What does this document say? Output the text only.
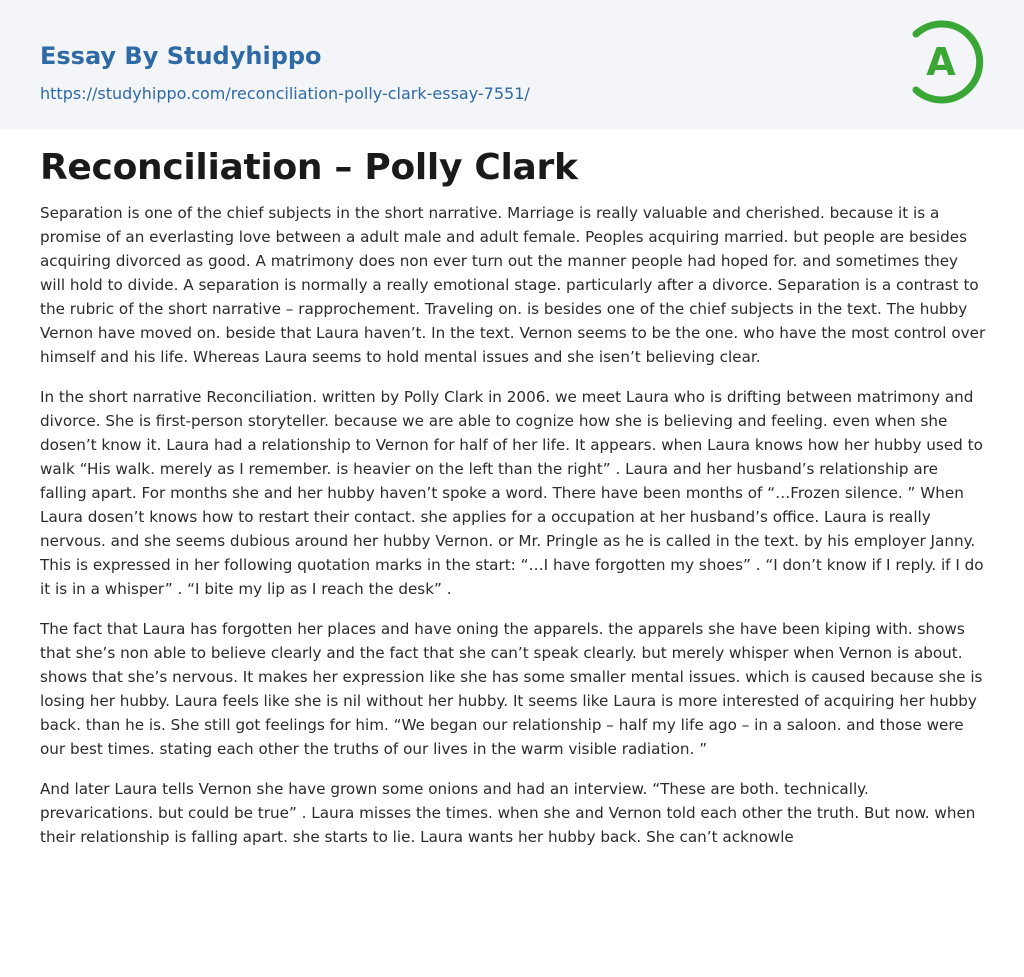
Essay By Studyhippo
https://studyhippo.com/reconciliation-polly-clark-essay-7551/
A
Reconciliation – Polly Clark

Separation is one of the chief subjects in the short narrative. Marriage is really valuable and cherished. because it is a promise of an everlasting love between a adult male and adult female. Peoples acquiring married. but people are besides acquiring divorced as good. A matrimony does non ever turn out the manner people had hoped for. and sometimes they will hold to divide. A separation is normally a really emotional stage. particularly after a divorce. Separation is a contrast to the rubric of the short narrative – rapprochement. Traveling on. is besides one of the chief subjects in the text. The hubby Vernon have moved on. beside that Laura haven’t. In the text. Vernon seems to be the one. who have the most control over himself and his life. Whereas Laura seems to hold mental issues and she isen’t believing clear.

In the short narrative Reconciliation. written by Polly Clark in 2006. we meet Laura who is drifting between matrimony and divorce. She is first-person storyteller. because we are able to cognize how she is believing and feeling. even when she dosen’t know it. Laura had a relationship to Vernon for half of her life. It appears. when Laura knows how her hubby used to walk “His walk. merely as I remember. is heavier on the left than the right” . Laura and her husband’s relationship are falling apart. For months she and her hubby haven’t spoke a word. There have been months of “…Frozen silence. ” When Laura dosen’t knows how to restart their contact. she applies for a occupation at her husband’s office. Laura is really nervous. and she seems dubious around her hubby Vernon. or Mr. Pringle as he is called in the text. by his employer Janny. This is expressed in her following quotation marks in the start: “…I have forgotten my shoes” . “I don’t know if I reply. if I do it is in a whisper” . “I bite my lip as I reach the desk” .

The fact that Laura has forgotten her places and have oning the apparels. the apparels she have been kiping with. shows that she’s non able to believe clearly and the fact that she can’t speak clearly. but merely whisper when Vernon is about. shows that she’s nervous. It makes her expression like she has some smaller mental issues. which is caused because she is losing her hubby. Laura feels like she is nil without her hubby. It seems like Laura is more interested of acquiring her hubby back. than he is. She still got feelings for him. “We began our relationship – half my life ago – in a saloon. and those were our best times. stating each other the truths of our lives in the warm visible radiation. ”

And later Laura tells Vernon she have grown some onions and had an interview. “These are both. technically. prevarications. but could be true” . Laura misses the times. when she and Vernon told each other the truth. But now. when their relationship is falling apart. she starts to lie. Laura wants her hubby back. She can’t acknowle
